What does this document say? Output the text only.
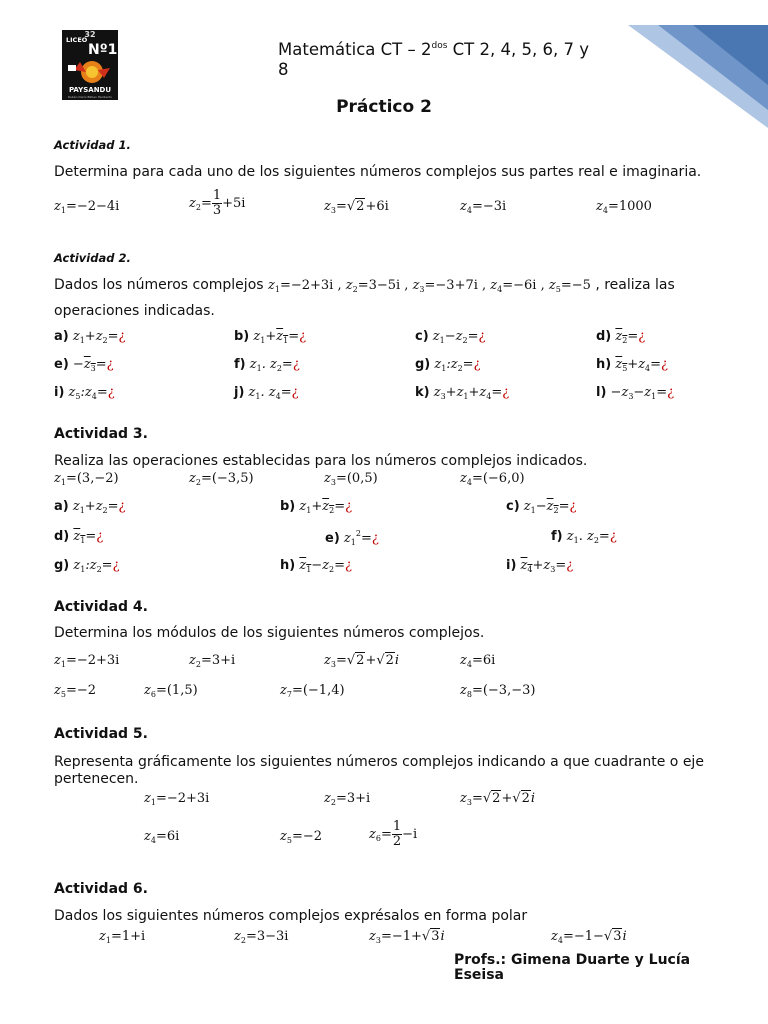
32
LICEO
Nº1
PAYSANDU
Rubén Darío Bilbao Heriberto
Matemática CT – $2^{dos}$ CT 2, 4, 5, 6, 7 y 8
Práctico 2
Actividad 1.
Determina para cada uno de los siguientes números complejos sus partes real e imaginaria.
$z_1=-2-4i$	$z_2= \frac{1}{3} +5i$	$z_3=√2+6i$	$z_4=-3i$	$z_4=1000$
Actividad 2.
Dados los números complejos $z_1=-2+3i$ , $z_2=3-5i$ , $z_3=-3+7i$ , $z_4=-6i$ , $z_5=-5$ , realiza las
operaciones indicadas.
a) $z_1+z_2=¿$	b) $z_1+z_1=¿$	c) $z_1-z_2=¿$	d) $z_2=¿$
$e) -z_3=¿$	f) $z_1$. $z_2=¿$	g) $z_1:z_2=¿$	h) $z_5+z_4=¿$
i) $z_5:z_4=¿$	j) $z_1$. $z_4=¿$	k) $z_3+z_1+z_4=¿$	$l) -z_3-z_1=¿$
Actividad 3.
Realiza las operaciones establecidas para los números complejos indicados.
$z_1=(3,-2)$	$z_2=(-3,5)$	$z_3=(0,5)$	$z_4=(-6,0)$
a) $z_1+z_2=¿$	b) $z_1+z_2=¿$	c) $z_1-z_2=¿$
d) $z_1=¿$	e) $z_1^2=¿$	f) $z_1$. $z_2=¿$
g) $z_1:z_2=¿$	h) $z_1-z_2=¿$	i) $z_4+z_3=¿$
Actividad 4.
Determina los módulos de los siguientes números complejos.
$z_1=-2+3i$	$z_2=3+i$	$z_3=√2+√2i$	$z_4=6i$
$z_5=-2$	$z_6=(1,5)$	$z_7=(-1,4)$	$z_8=(-3,-3)$
Actividad 5.
Representa gráficamente los siguientes números complejos indicando a que cuadrante o eje pertenecen.
$z_1=-2+3i$	$z_2=3+i$	$z_3=√2+√2i$
$z_4=6i$	$z_5=-2$	$z_6= \frac{1}{2} -i$
Actividad 6.
Dados los siguientes números complejos exprésalos en forma polar
$z_1=1+i$	$z_2=3-3i$	$z_3=-1+√3i$	$z_4=-1-√3i$
Profs.: Gimena Duarte y Lucía Eseisa
